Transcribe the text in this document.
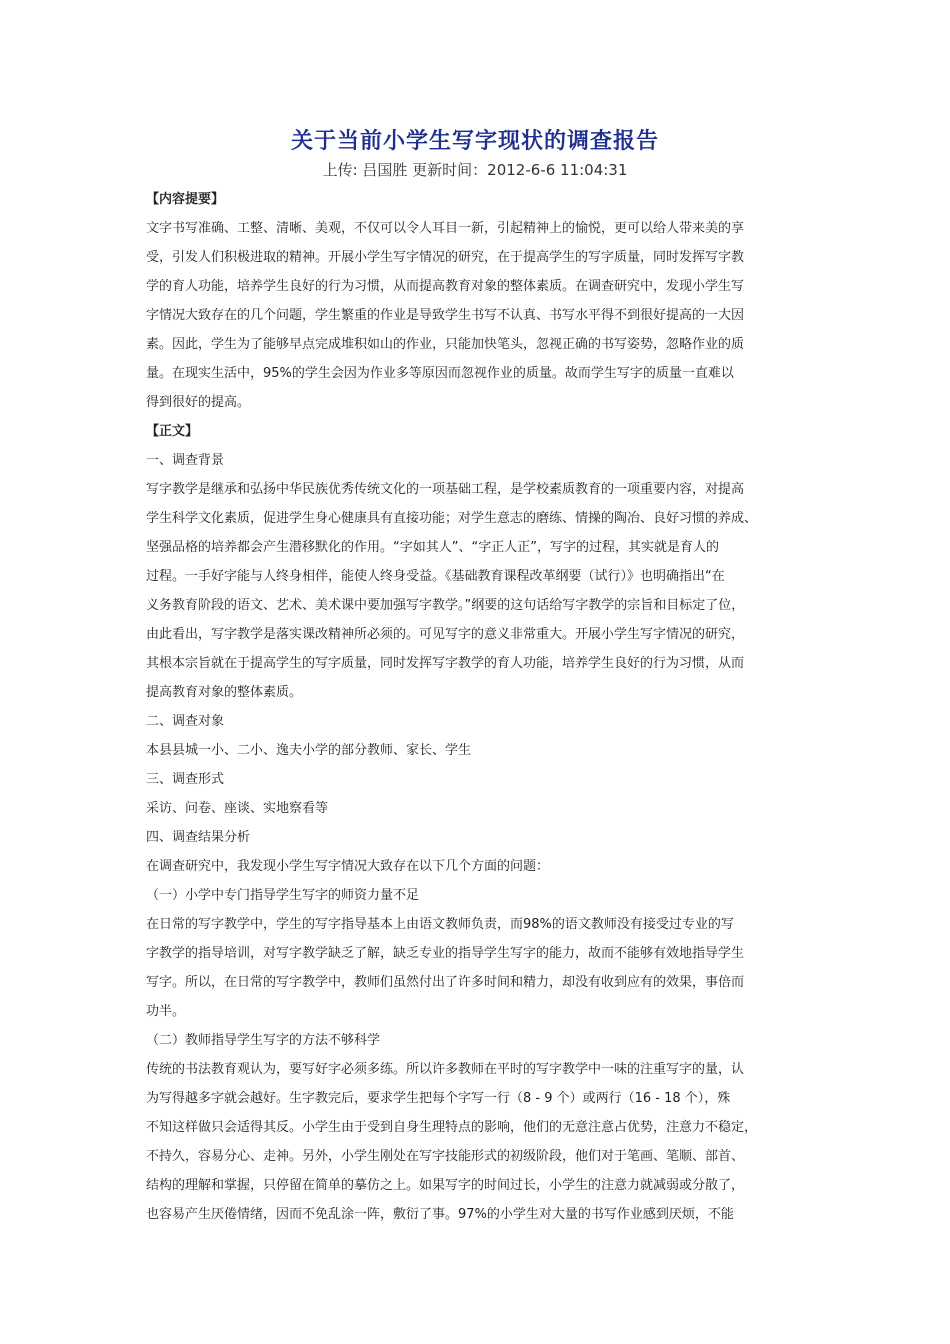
关于当前小学生写字现状的调查报告
上传: 吕国胜 更新时间：2012-6-6 11:04:31
【内容提要】
文字书写准确、工整、清晰、美观，不仅可以令人耳目一新，引起精神上的愉悦，更可以给人带来美的享
受，引发人们积极进取的精神。开展小学生写字情况的研究，在于提高学生的写字质量，同时发挥写字教
学的育人功能，培养学生良好的行为习惯，从而提高教育对象的整体素质。在调查研究中，发现小学生写
字情况大致存在的几个问题，学生繁重的作业是导致学生书写不认真、书写水平得不到很好提高的一大因
素。因此，学生为了能够早点完成堆积如山的作业，只能加快笔头，忽视正确的书写姿势，忽略作业的质
量。在现实生活中，95%的学生会因为作业多等原因而忽视作业的质量。故而学生写字的质量一直难以
得到很好的提高。
【正文】
一、调查背景
写字教学是继承和弘扬中华民族优秀传统文化的一项基础工程，是学校素质教育的一项重要内容，对提高
学生科学文化素质，促进学生身心健康具有直接功能；对学生意志的磨练、情操的陶冶、良好习惯的养成、
坚强品格的培养都会产生潜移默化的作用。“字如其人”、“字正人正”，写字的过程，其实就是育人的
过程。一手好字能与人终身相伴，能使人终身受益。《基础教育课程改革纲要（试行）》也明确指出“在
义务教育阶段的语文、艺术、美术课中要加强写字教学。”纲要的这句话给写字教学的宗旨和目标定了位，
由此看出，写字教学是落实课改精神所必须的。可见写字的意义非常重大。开展小学生写字情况的研究，
其根本宗旨就在于提高学生的写字质量，同时发挥写字教学的育人功能，培养学生良好的行为习惯，从而
提高教育对象的整体素质。
二、调查对象
本县县城一小、二小、逸夫小学的部分教师、家长、学生
三、调查形式
采访、问卷、座谈、实地察看等
四、调查结果分析
在调查研究中，我发现小学生写字情况大致存在以下几个方面的问题：
（一）小学中专门指导学生写字的师资力量不足
在日常的写字教学中，学生的写字指导基本上由语文教师负责，而98%的语文教师没有接受过专业的写
字教学的指导培训，对写字教学缺乏了解，缺乏专业的指导学生写字的能力，故而不能够有效地指导学生
写字。所以，在日常的写字教学中，教师们虽然付出了许多时间和精力，却没有收到应有的效果，事倍而
功半。
（二）教师指导学生写字的方法不够科学
传统的书法教育观认为，要写好字必须多练。所以许多教师在平时的写字教学中一味的注重写字的量，认
为写得越多字就会越好。生字教完后，要求学生把每个字写一行（8 - 9 个）或两行（16 - 18 个），殊
不知这样做只会适得其反。小学生由于受到自身生理特点的影响，他们的无意注意占优势，注意力不稳定，
不持久，容易分心、走神。另外，小学生刚处在写字技能形式的初级阶段，他们对于笔画、笔顺、部首、
结构的理解和掌握，只停留在简单的摹仿之上。如果写字的时间过长，小学生的注意力就减弱或分散了，
也容易产生厌倦情绪，因而不免乱涂一阵，敷衍了事。97%的小学生对大量的书写作业感到厌烦，不能
